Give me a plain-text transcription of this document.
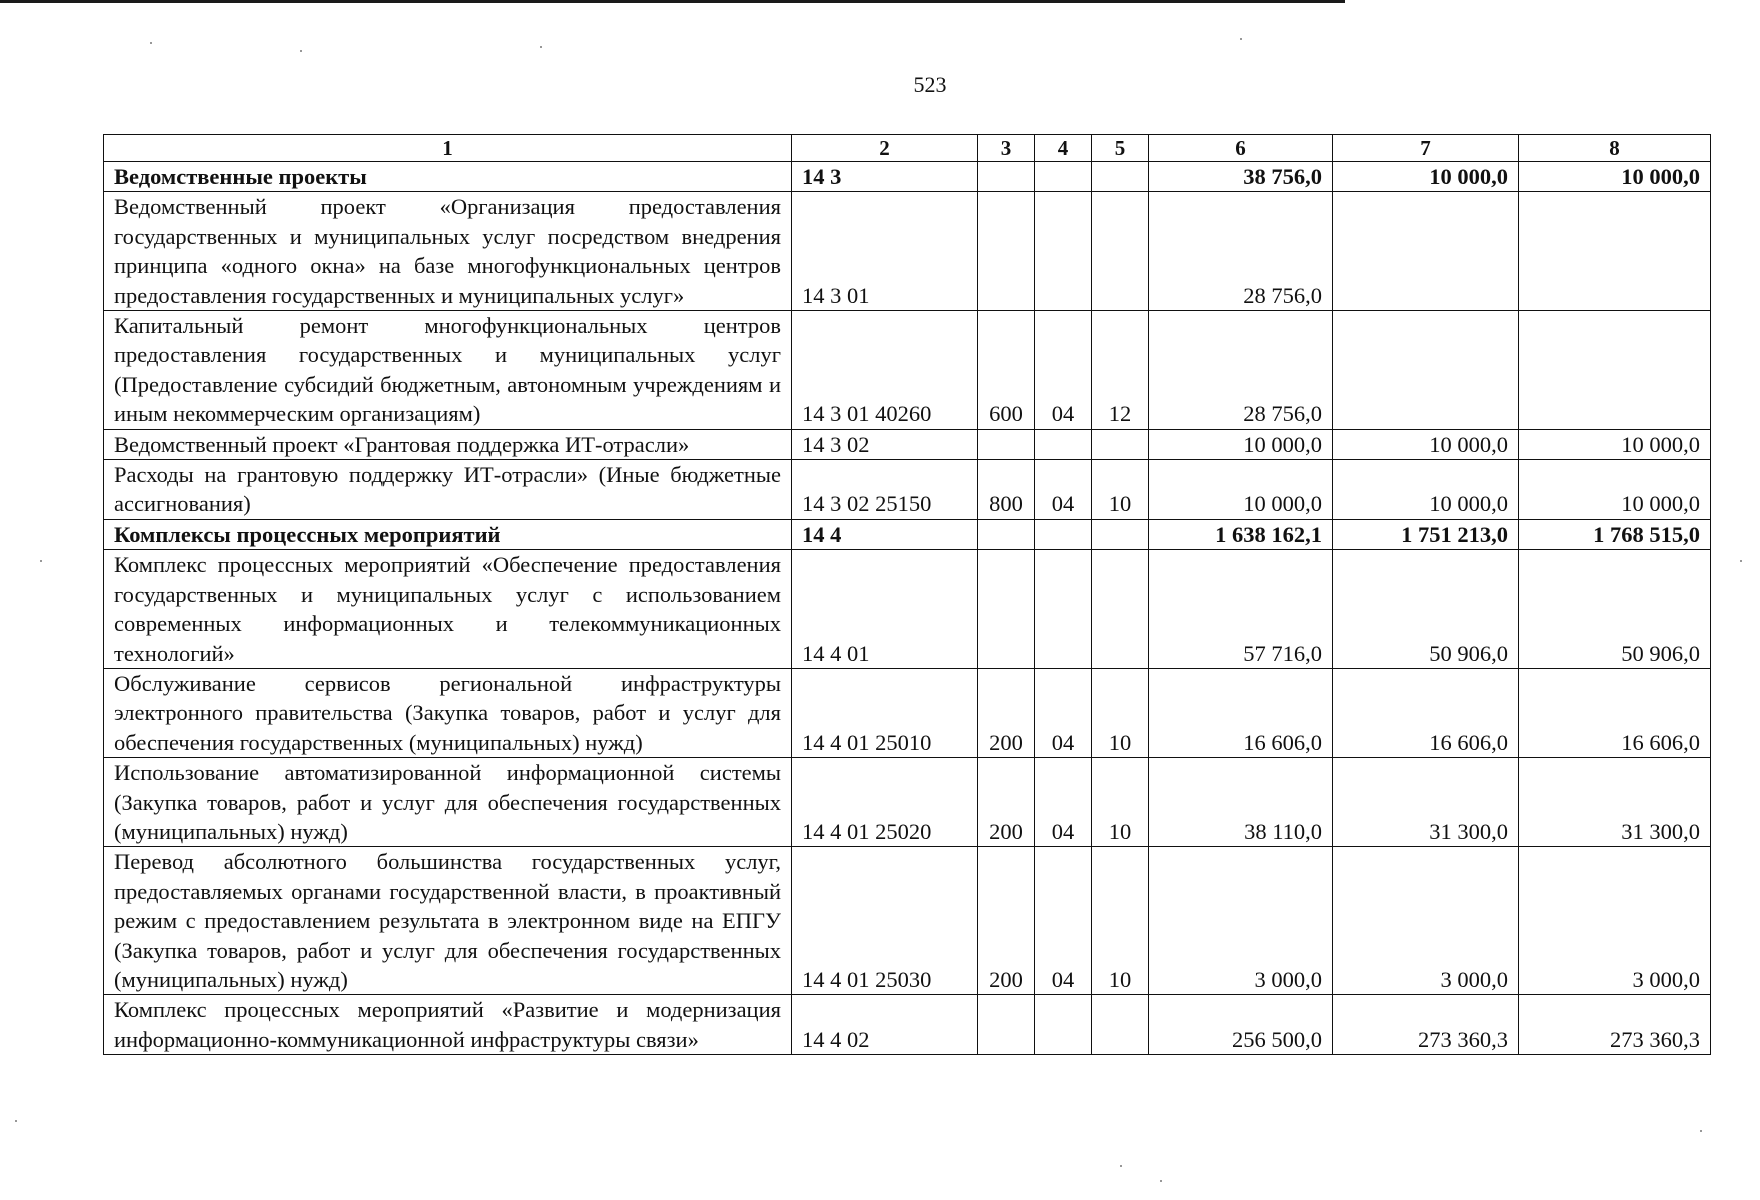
523
1	2	3	4	5	6	7	8
Ведомственные проекты	14 3				38 756,0	10 000,0	10 000,0
Ведомственный проект «Организация предоставления государственных и муниципальных услуг посредством внедрения принципа «одного окна» на базе многофункциональных центров предоставления государственных и муниципальных услуг»	14 3 01				28 756,0		
Капитальный ремонт многофункциональных центров предоставления государственных и муниципальных услуг (Предоставление субсидий бюджетным, автономным учреждениям и иным некоммерческим организациям)	14 3 01 40260	600	04	12	28 756,0		
Ведомственный проект «Грантовая поддержка ИТ-отрасли»	14 3 02				10 000,0	10 000,0	10 000,0
Расходы на грантовую поддержку ИТ-отрасли» (Иные бюджетные ассигнования)	14 3 02 25150	800	04	10	10 000,0	10 000,0	10 000,0
Комплексы процессных мероприятий	14 4				1 638 162,1	1 751 213,0	1 768 515,0
Комплекс процессных мероприятий «Обеспечение предоставления государственных и муниципальных услуг с использованием современных информационных и телекоммуникационных технологий»	14 4 01				57 716,0	50 906,0	50 906,0
Обслуживание сервисов региональной инфраструктуры электронного правительства (Закупка товаров, работ и услуг для обеспечения государственных (муниципальных) нужд)	14 4 01 25010	200	04	10	16 606,0	16 606,0	16 606,0
Использование автоматизированной информационной системы (Закупка товаров, работ и услуг для обеспечения государственных (муниципальных) нужд)	14 4 01 25020	200	04	10	38 110,0	31 300,0	31 300,0
Перевод абсолютного большинства государственных услуг, предоставляемых органами государственной власти, в проактивный режим с предоставлением результата в электронном виде на ЕПГУ (Закупка товаров, работ и услуг для обеспечения государственных (муниципальных) нужд)	14 4 01 25030	200	04	10	3 000,0	3 000,0	3 000,0
Комплекс процессных мероприятий «Развитие и модернизация информационно-коммуникационной инфраструктуры связи»	14 4 02				256 500,0	273 360,3	273 360,3
